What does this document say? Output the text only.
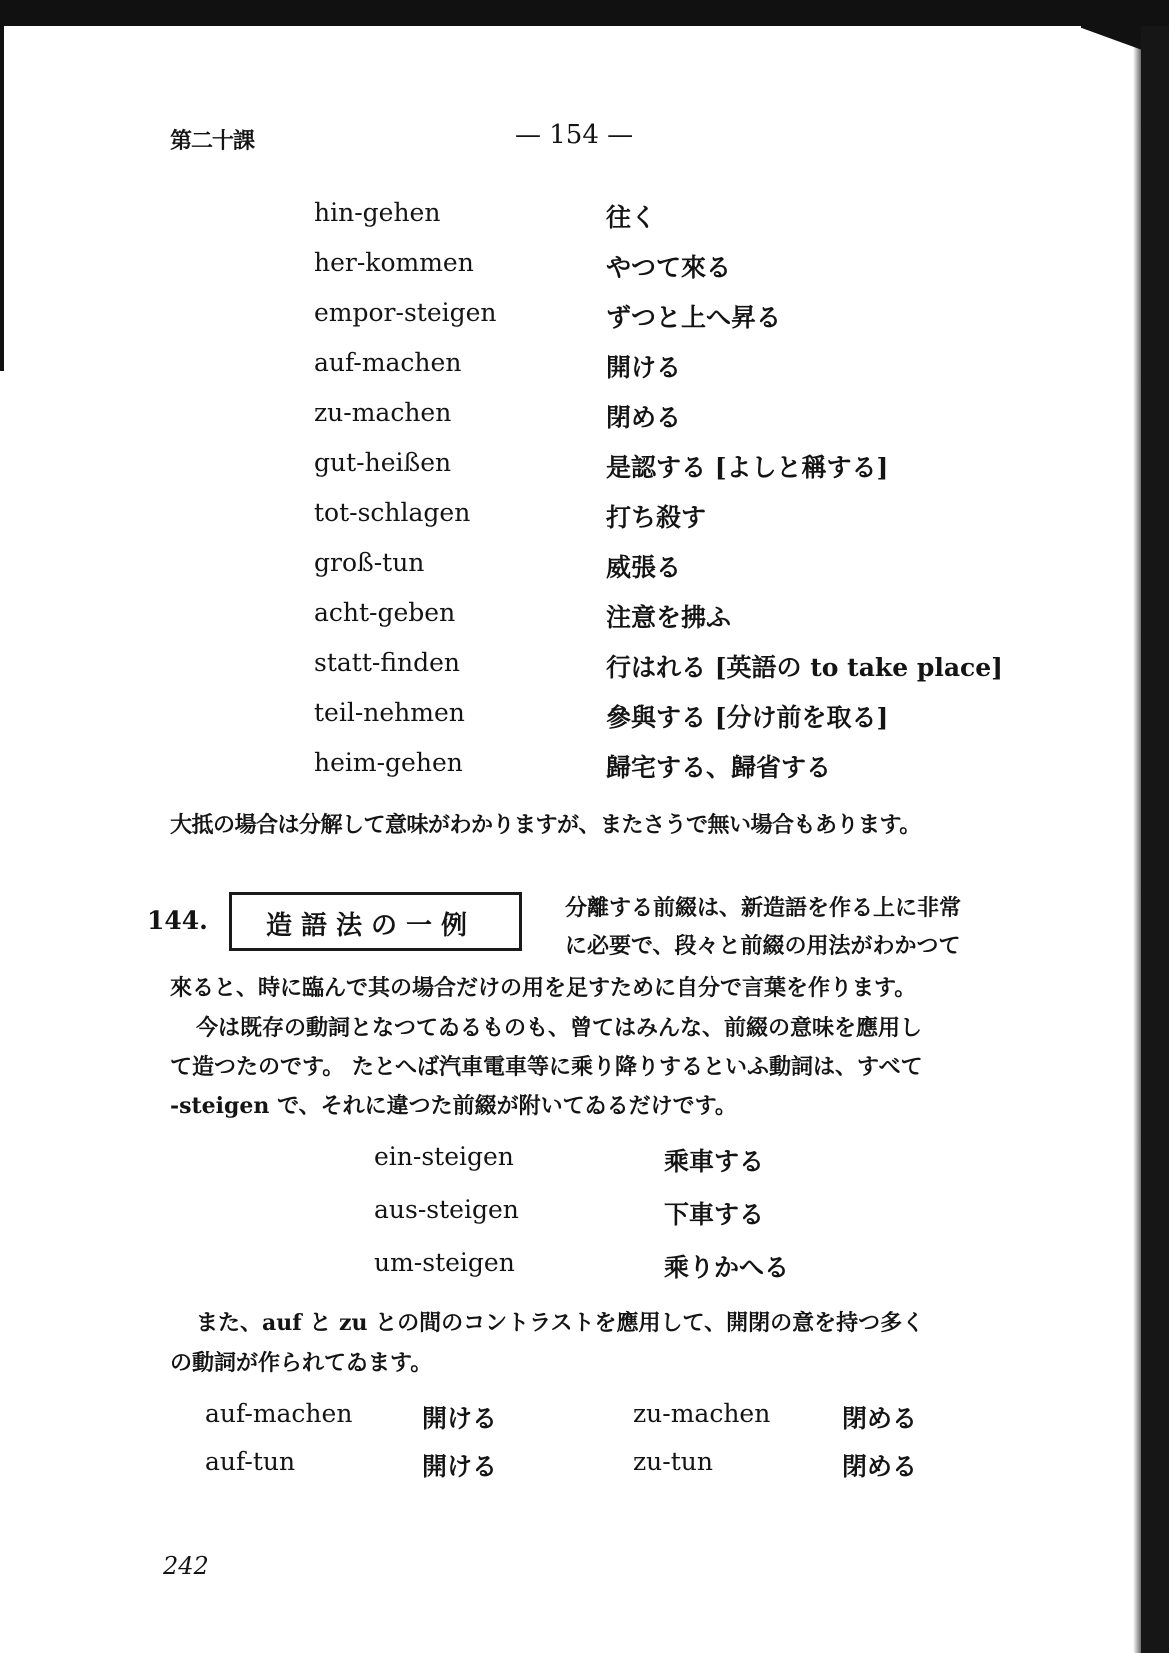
第二十課	— 154 —
hin-gehen	往く
her-kommen	やつて來る
empor-steigen	ずつと上へ昇る
auf-machen	開ける
zu-machen	閉める
gut-heißen	是認する [よしと稱する]
tot-schlagen	打ち殺す
groß-tun	威張る
acht-geben	注意を拂ふ
statt-finden	行はれる [英語の to take place]
teil-nehmen	參與する [分け前を取る]
heim-gehen	歸宅する、歸省する
大抵の場合は分解して意味がわかりますが、またさうで無い場合もあります。
144. 造語法の一例
分離する前綴は、新造語を作る上に非常
に必要で、段々と前綴の用法がわかつて
來ると、時に臨んで其の場合だけの用を足すために自分で言葉を作ります。
今は既存の動詞となつてゐるものも、曾てはみんな、前綴の意味を應用し
て造つたのです。 たとへば汽車電車等に乘り降りするといふ動詞は、すべて
-steigen で、それに違つた前綴が附いてゐるだけです。
ein-steigen	乘車する
aus-steigen	下車する
um-steigen	乘りかへる
また、auf と zu との間のコントラストを應用して、開閉の意を持つ多く
の動詞が作られてゐます。
auf-machen	開ける	zu-machen	閉める
auf-tun	開ける	zu-tun	閉める
242
